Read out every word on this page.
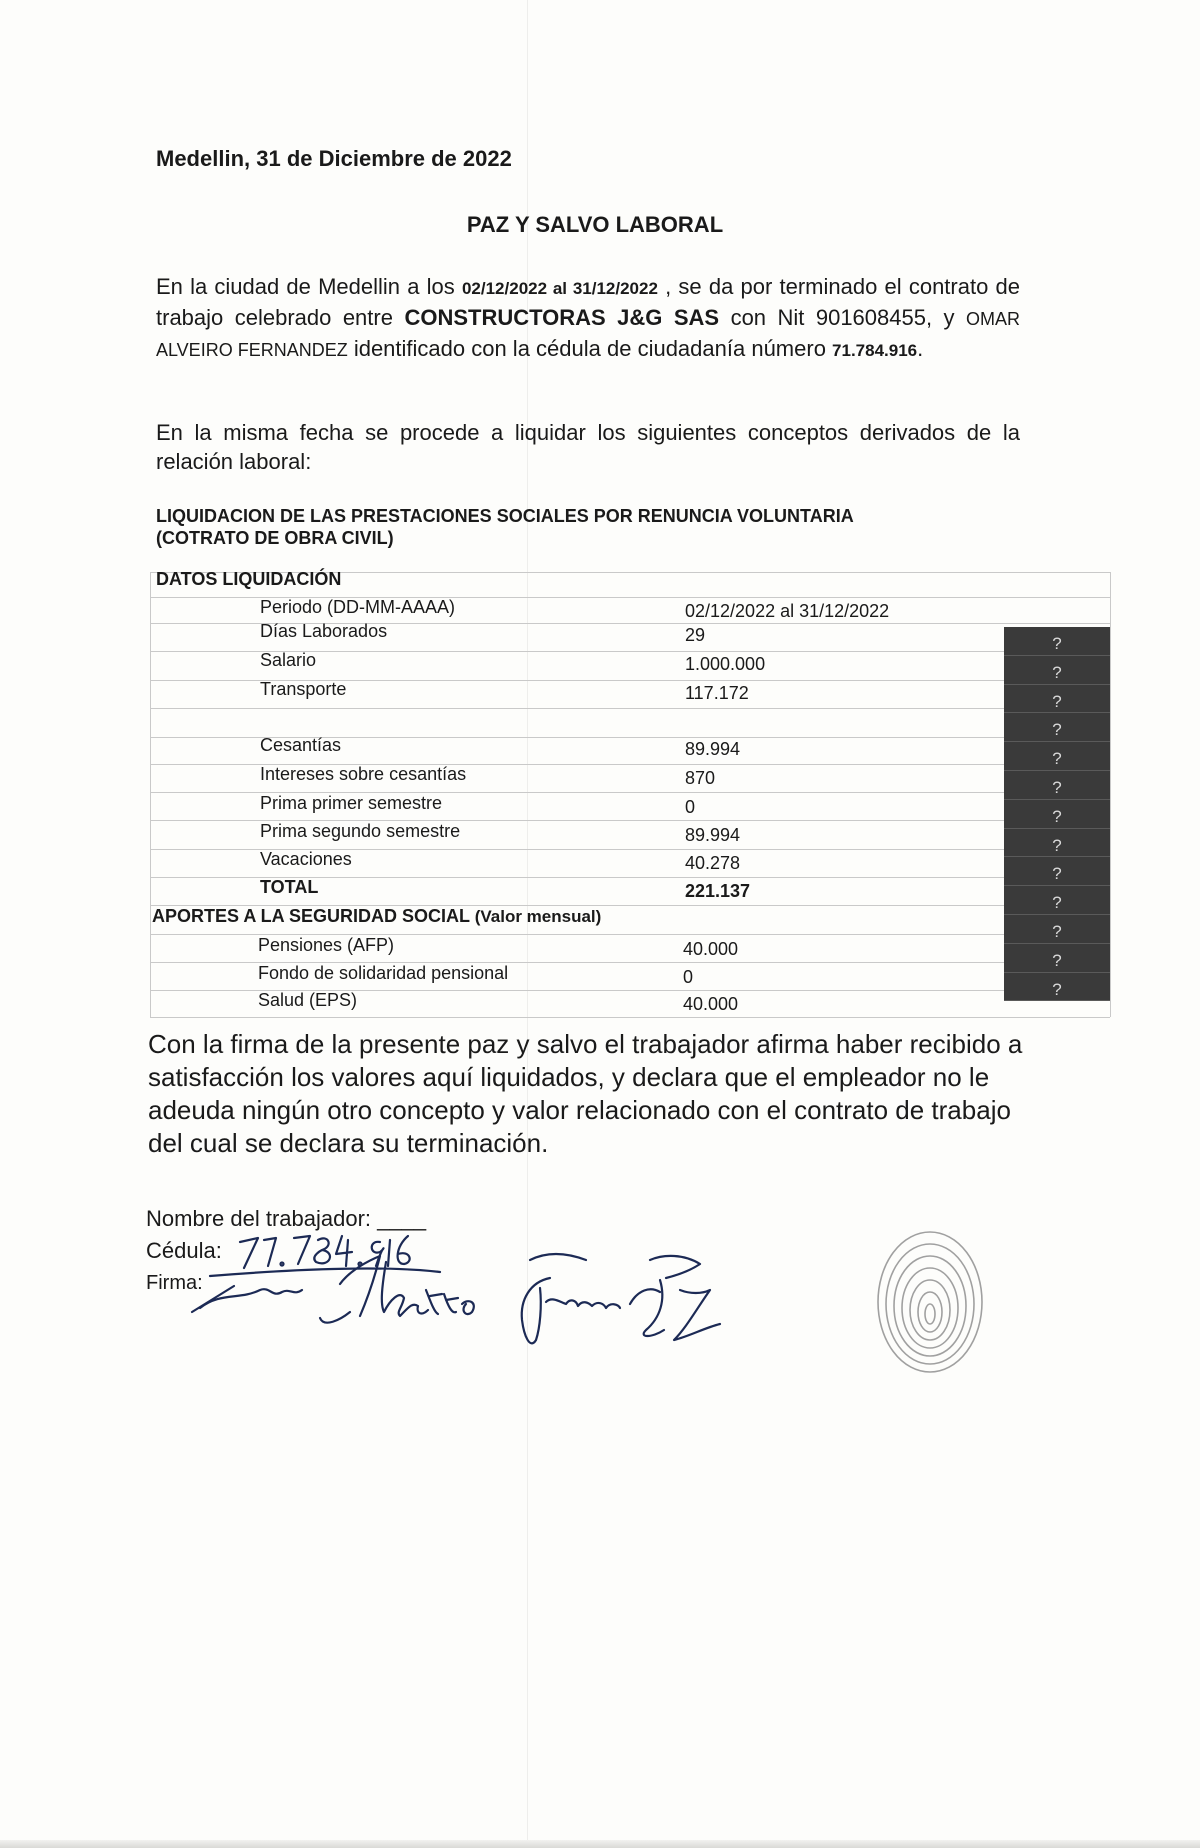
Medellin, 31 de Diciembre de 2022
PAZ Y SALVO LABORAL
En la ciudad de Medellin a los 02/12/2022 al 31/12/2022 , se da por terminado el contrato de trabajo celebrado entre CONSTRUCTORAS J&G SAS con Nit 901608455, y OMAR ALVEIRO FERNANDEZ identificado con la cédula de ciudadanía número 71.784.916.
En la misma fecha se procede a liquidar los siguientes conceptos derivados de la relación laboral:
LIQUIDACION DE LAS PRESTACIONES SOCIALES POR RENUNCIA VOLUNTARIA
(COTRATO DE OBRA CIVIL)
DATOS LIQUIDACIÓN
Periodo (DD-MM-AAAA)	02/12/2022 al 31/12/2022
Días Laborados	29
Salario	1.000.000
Transporte	117.172
Cesantías	89.994
Intereses sobre cesantías	870
Prima primer semestre	0
Prima segundo semestre	89.994
Vacaciones	40.278
TOTAL	221.137
APORTES A LA SEGURIDAD SOCIAL (Valor mensual)
Pensiones (AFP)	40.000
Fondo de solidaridad pensional	0
Salud (EPS)	40.000
?
?
?
?
?
?
?
?
?
?
?
?
?
Con la firma de la presente paz y salvo el trabajador afirma haber recibido a satisfacción los valores aquí liquidados, y declara que el empleador no le adeuda ningún otro concepto y valor relacionado con el contrato de trabajo del cual se declara su terminación.
Nombre del trabajador: ____
Cédula:
Firma:
